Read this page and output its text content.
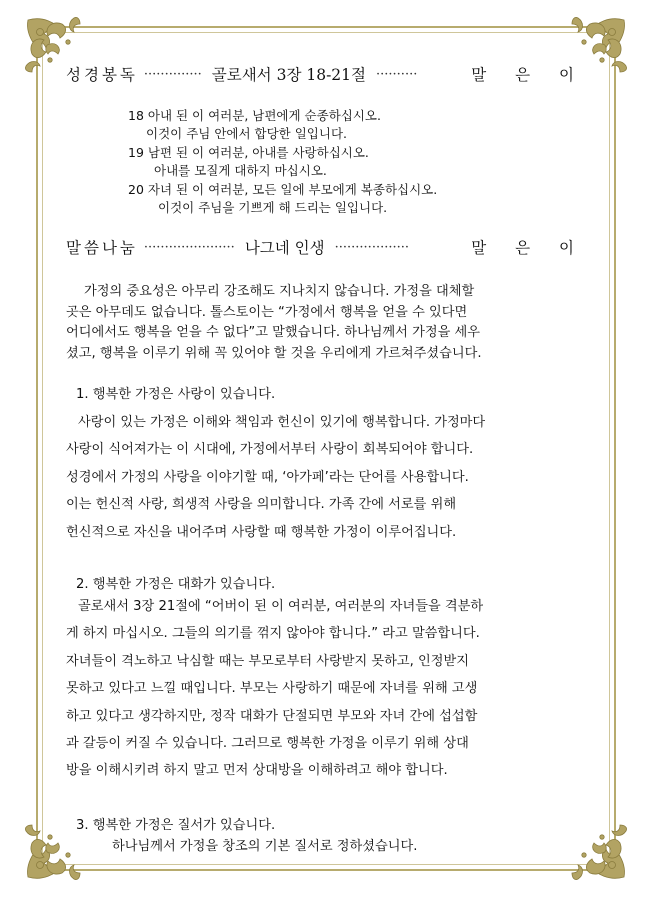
성경봉독 ·············· 골로새서 3장 18-21절 ··········	말 은 이
18 아내 된 이 여러분, 남편에게 순종하십시오.
이것이 주님 안에서 합당한 일입니다.
19 남편 된 이 여러분, 아내를 사랑하십시오.
아내를 모질게 대하지 마십시오.
20 자녀 된 이 여러분, 모든 일에 부모에게 복종하십시오.
이것이 주님을 기쁘게 해 드리는 일입니다.
말씀나눔 ······················ 나그네 인생 ··················	말 은 이
가정의 중요성은 아무리 강조해도 지나치지 않습니다. 가정을 대체할
곳은 아무데도 없습니다. 톨스토이는 “가정에서 행복을 얻을 수 있다면
어디에서도 행복을 얻을 수 없다”고 말했습니다. 하나님께서 가정을 세우
셨고, 행복을 이루기 위해 꼭 있어야 할 것을 우리에게 가르쳐주셨습니다.
1. 행복한 가정은 사랑이 있습니다.
사랑이 있는 가정은 이해와 책임과 헌신이 있기에 행복합니다. 가정마다
사랑이 식어져가는 이 시대에, 가정에서부터 사랑이 회복되어야 합니다.
성경에서 가정의 사랑을 이야기할 때, ‘아가페’라는 단어를 사용합니다.
이는 헌신적 사랑, 희생적 사랑을 의미합니다. 가족 간에 서로를 위해
헌신적으로 자신을 내어주며 사랑할 때 행복한 가정이 이루어집니다.
2. 행복한 가정은 대화가 있습니다.
골로새서 3장 21절에 “어버이 된 이 여러분, 여러분의 자녀들을 격분하
게 하지 마십시오. 그들의 의기를 꺾지 않아야 합니다.” 라고 말씀합니다.
자녀들이 격노하고 낙심할 때는 부모로부터 사랑받지 못하고, 인정받지
못하고 있다고 느낄 때입니다. 부모는 사랑하기 때문에 자녀를 위해 고생
하고 있다고 생각하지만, 정작 대화가 단절되면 부모와 자녀 간에 섭섭함
과 갈등이 커질 수 있습니다. 그러므로 행복한 가정을 이루기 위해 상대
방을 이해시키려 하지 말고 먼저 상대방을 이해하려고 해야 합니다.
3. 행복한 가정은 질서가 있습니다.
하나님께서 가정을 창조의 기본 질서로 정하셨습니다.
